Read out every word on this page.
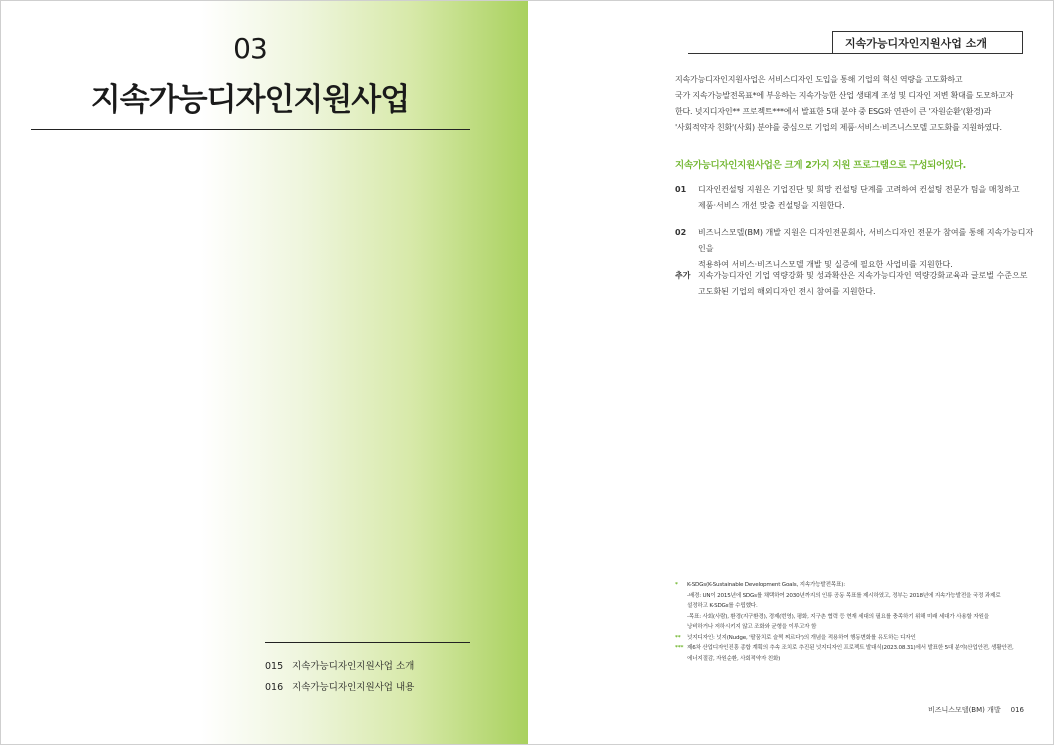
03
지속가능디자인지원사업
015 지속가능디자인지원사업 소개
016 지속가능디자인지원사업 내용
지속가능디자인지원사업 소개
지속가능디자인지원사업은 서비스디자인 도입을 통해 기업의 혁신 역량을 고도화하고
국가 지속가능발전목표*에 부응하는 지속가능한 산업 생태계 조성 및 디자인 저변 확대를 도모하고자
한다. 넛지디자인** 프로젝트***에서 발표한 5대 분야 중 ESG와 연관이 큰 '자원순환'(환경)과
'사회적약자 친화'(사회) 분야를 중심으로 기업의 제품·서비스·비즈니스모델 고도화를 지원하였다.
지속가능디자인지원사업은 크게 2가지 지원 프로그램으로 구성되어있다.
01	디자인컨설팅 지원은 기업진단 및 희망 컨설팅 단계를 고려하여 컨설팅 전문가 팀을 매칭하고
제품·서비스 개선 맞춤 컨설팅을 지원한다.
02	비즈니스모델(BM) 개발 지원은 디자인전문회사, 서비스디자인 전문가 참여를 통해 지속가능디자인을
적용하여 서비스·비즈니스모델 개발 및 실증에 필요한 사업비를 지원한다.
추가 지속가능디자인 기업 역량강화 및 성과확산은 지속가능디자인 역량강화교육과 글로벌 수준으로
고도화된 기업의 해외디자인 전시 참여를 지원한다.
* K-SDGs(K-Sustainable Development Goals, 지속가능발전목표):
-배경: UN이 2015년에 SDGs를 채택하여 2030년까지의 인류 공동 목표를 제시하였고, 정부는 2018년에 지속가능발전을 국정 과제로
설정하고 K-SDGs를 수립했다.
-목표: 사회(사람), 환경(지구환경), 경제(번영), 평화, 지구촌 협력 등 현재 세대의 필요를 충족하기 위해 미래 세대가 사용할 자원을
낭비하거나 저하시키지 않고 조화와 균형을 이루고자 함
** 넛지디자인: 넛지(Nudge, '팔꿈치로 슬쩍 찌르다')의 개념을 적용하여 행동변화를 유도하는 디자인
*** 제6차 산업디자인진흥 종합 계획의 추속 조치로 추진된 넛지디자인 프로젝트 발대식(2023.08.31)에서 발표한 5대 분야(산업안전, 생활안전,
에너지절감, 자원순환, 사회적약자 친화)
비즈니스모델(BM) 개발 016
